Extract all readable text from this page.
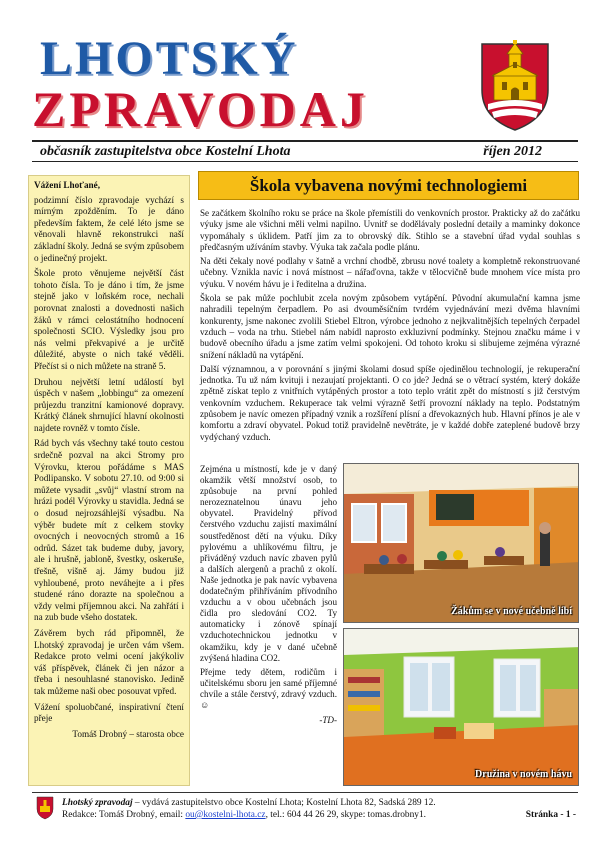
LHOTSKÝ
ZPRAVODAJ
občasník zastupitelstva obce Kostelní Lhota	říjen 2012
Vážení Lhoťané,

podzimní číslo zpravodaje vychází s mírným zpožděním. To je dáno především faktem, že celé léto jsme se věnovali hlavně rekonstrukci naší základní školy. Jedná se svým způsobem o jedinečný projekt.

Škole proto věnujeme největší část tohoto čísla. To je dáno i tím, že jsme stejně jako v loňském roce, nechali porovnat znalosti a dovednosti našich žáků v rámci celostátního hodnocení společnosti SCIO. Výsledky jsou pro nás velmi překvapivé a je určitě důležité, abyste o nich také věděli. Přečíst si o nich můžete na straně 5.

Druhou největší letní událostí byl úspěch v našem „lobbingu“ za omezení průjezdu tranzitní kamionové dopravy. Krátký článek shrnující hlavní okolnosti najdete rovněž v tomto čísle.

Rád bych vás všechny také touto cestou srdečně pozval na akci Stromy pro Výrovku, kterou pořádáme s MAS Podlipansko. V sobotu 27.10. od 9:00 si můžete vysadit „svůj“ vlastní strom na hrázi podél Výrovky u stavidla. Jedná se o dosud nejrozsáhlejší výsadbu. Na výběr budete mít z celkem stovky ovocných i neovocných stromů a 16 odrůd. Sázet tak budeme duby, javory, ale i hrušně, jabloně, švestky, oskeruše, třešně, višně aj. Jámy budou již vyhloubené, proto neváhejte a i přes studené ráno dorazte na společnou a vždy velmi příjemnou akci. Na zahřátí i na zub bude všeho dostatek.

Závěrem bych rád připomněl, že Lhotský zpravodaj je určen vám všem. Redakce proto velmi ocení jakýkoliv váš příspěvek, článek či jen názor a třeba i nesouhlasné stanovisko. Jedině tak můžeme naši obec posouvat vpřed.

Vážení spoluobčané, inspirativní čtení přeje

Tomáš Drobný – starosta obce
Škola vybavena novými technologiemi

Se začátkem školního roku se práce na škole přemístili do venkovních prostor. Prakticky až do začátku výuky jsme ale všichni měli velmi napilno. Uvnitř se dodělávaly poslední detaily a maminky dokonce vypomáhaly s úklidem. Patří jim za to obrovský dík. Stihlo se a stavební úřad vydal souhlas s předčasným užíváním stavby. Výuka tak začala podle plánu.

Na děti čekaly nové podlahy v šatně a vrchní chodbě, zbrusu nové toalety a kompletně rekonstruované učebny. Vznikla navíc i nová místnost – nářaďovna, takže v tělocvičně bude mnohem více místa pro výuku. V novém hávu je i ředitelna a družina.

Škola se pak může pochlubit zcela novým způsobem vytápění. Původní akumulační kamna jsme nahradili tepelným čerpadlem. Po asi dvouměsíčním tvrdém vyjednávání mezi dvěma hlavními konkurenty, jsme nakonec zvolili Stiebel Eltron, výrobce jednoho z nejkvalitnějších tepelných čerpadel vzduch – voda na trhu. Stiebel nám nabídl naprosto exkluzivní podmínky. Stejnou značku máme i v budově obecního úřadu a jsme zatím velmi spokojeni. Od tohoto kroku si slibujeme zejména výrazné snížení nákladů na vytápění.

Další významnou, a v porovnání s jinými školami dosud spíše ojedinělou technologií, je rekuperační jednotka. Tu už nám kvituji i nezaujatí projektanti. O co jde? Jedná se o větrací systém, který dokáže zpětně získat teplo z vnitřních vytápěných prostor a toto teplo vrátit zpět do místností s již čerstvým venkovním vzduchem. Rekuperace tak velmi výrazně šetří provozní náklady na teplo. Podstatným způsobem je navíc omezen případný vznik a rozšíření plísní a dřevokazných hub. Hlavní přínos je ale v komfortu a zdraví obyvatel. Pokud totiž pravidelně nevětráte, je v každé dobře zateplené budově brzy vydýchaný vzduch.

Zejména u místností, kde je v daný okamžik větší množství osob, to způsobuje na první pohled nerozeznatelnou únavu jeho obyvatel. Pravidelný přívod čerstvého vzduchu zajistí maximální soustředěnost dětí na výuku. Díky pylovému a uhlíkovému filtru, je přiváděný vzduch navíc zbaven pylů a dalších alergenů a prachů z okolí. Naše jednotka je pak navíc vybavena dodatečným přihříváním přívodního vzduchu a v obou učebnách jsou čidla pro sledování CO2. Ty automaticky i zónově spínají vzduchotechnickou jednotku v okamžiku, kdy je v dané učebně zvýšená hladina CO2.

Přejme tedy dětem, rodičům i učitelskému sboru jen samé příjemné chvíle a stále čerstvý, zdravý vzduch. ☺

-TD-
Žákům se v nové učebně líbí
Družina v novém hávu
Lhotský zpravodaj – vydává zastupitelstvo obce Kostelní Lhota; Kostelní Lhota 82, Sadská 289 12.
Redakce: Tomáš Drobný, email: ou@kostelni-lhota.cz, tel.: 604 44 26 29, skype: tomas.drobny1.	Stránka - 1 -
